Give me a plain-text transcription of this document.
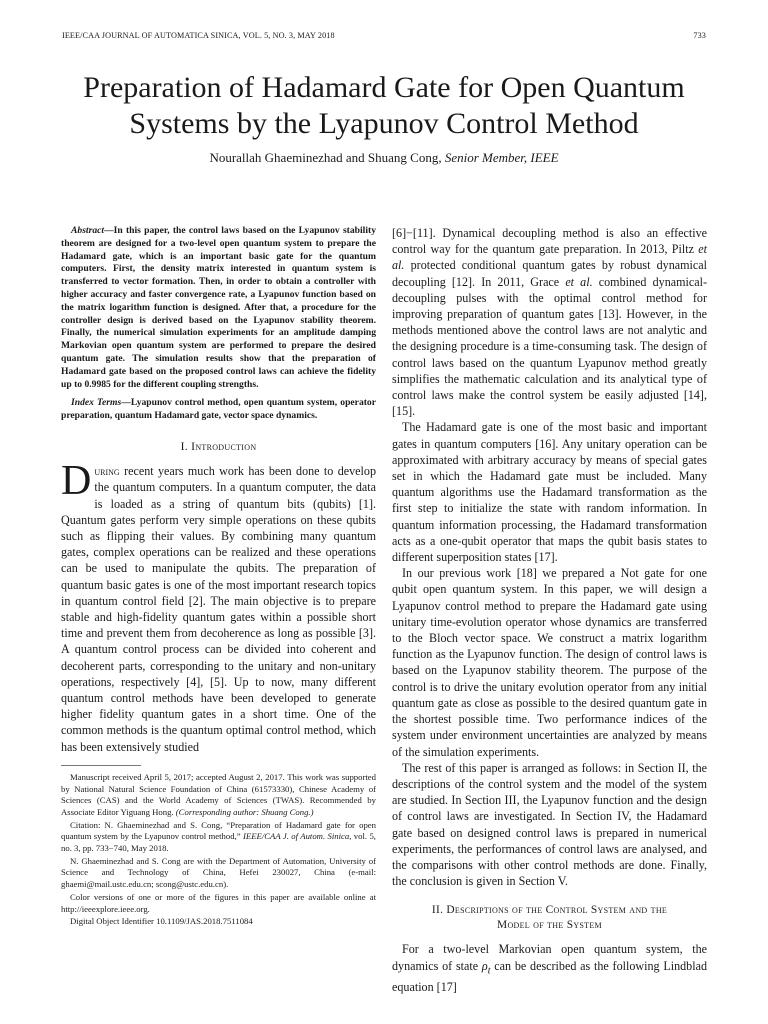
IEEE/CAA JOURNAL OF AUTOMATICA SINICA, VOL. 5, NO. 3, MAY 2018	733
Preparation of Hadamard Gate for Open Quantum Systems by the Lyapunov Control Method
Nourallah Ghaeminezhad and Shuang Cong, Senior Member, IEEE

Abstract—In this paper, the control laws based on the Lyapunov stability theorem are designed for a two-level open quantum system to prepare the Hadamard gate, which is an important basic gate for the quantum computers. First, the density matrix interested in quantum system is transferred to vector formation. Then, in order to obtain a controller with higher accuracy and faster convergence rate, a Lyapunov function based on the matrix logarithm function is designed. After that, a procedure for the controller design is derived based on the Lyapunov stability theorem. Finally, the numerical simulation experiments for an amplitude damping Markovian open quantum system are performed to prepare the desired quantum gate. The simulation results show that the preparation of Hadamard gate based on the proposed control laws can achieve the fidelity up to 0.9985 for the different coupling strengths.

Index Terms—Lyapunov control method, open quantum system, operator preparation, quantum Hadamard gate, vector space dynamics.

I. Introduction

During recent years much work has been done to develop the quantum computers. In a quantum computer, the data is loaded as a string of quantum bits (qubits) [1]. Quantum gates perform very simple operations on these qubits such as flipping their values. By combining many quantum gates, complex operations can be realized and these operations can be used to manipulate the qubits. The preparation of quantum basic gates is one of the most important research topics in quantum control field [2]. The main objective is to prepare stable and high-fidelity quantum gates within a possible short time and prevent them from decoherence as long as possible [3]. A quantum control process can be divided into coherent and decoherent parts, corresponding to the unitary and non-unitary operations, respectively [4], [5]. Up to now, many different quantum control methods have been developed to generate higher fidelity quantum gates in a short time. One of the common methods is the quantum optimal control method, which has been extensively studied

Manuscript received April 5, 2017; accepted August 2, 2017. This work was supported by National Natural Science Foundation of China (61573330), Chinese Academy of Sciences (CAS) and the World Academy of Sciences (TWAS). Recommended by Associate Editor Yiguang Hong. (Corresponding author: Shuang Cong.)

Citation: N. Ghaeminezhad and S. Cong, “Preparation of Hadamard gate for open quantum system by the Lyapunov control method,” IEEE/CAA J. of Autom. Sinica, vol. 5, no. 3, pp. 733−740, May 2018.

N. Ghaeminezhad and S. Cong are with the Department of Automation, University of Science and Technology of China, Hefei 230027, China (e-mail: ghaemi@mail.ustc.edu.cn; scong@ustc.edu.cn).

Color versions of one or more of the figures in this paper are available online at http://ieeexplore.ieee.org.

Digital Object Identifier 10.1109/JAS.2018.7511084

[6]−[11]. Dynamical decoupling method is also an effective control way for the quantum gate preparation. In 2013, Piltz et al. protected conditional quantum gates by robust dynamical decoupling [12]. In 2011, Grace et al. combined dynamical-decoupling pulses with the optimal control method for improving preparation of quantum gates [13]. However, in the methods mentioned above the control laws are not analytic and the designing procedure is a time-consuming task. The design of control laws based on the quantum Lyapunov method greatly simplifies the mathematic calculation and its analytical type of control laws make the control system be easily adjusted [14], [15].

The Hadamard gate is one of the most basic and important gates in quantum computers [16]. Any unitary operation can be approximated with arbitrary accuracy by means of special gates set in which the Hadamard gate must be included. Many quantum algorithms use the Hadamard transformation as the first step to initialize the state with random information. In quantum information processing, the Hadamard transformation acts as a one-qubit operator that maps the qubit basis states to different superposition states [17].

In our previous work [18] we prepared a Not gate for one qubit open quantum system. In this paper, we will design a Lyapunov control method to prepare the Hadamard gate using unitary time-evolution operator whose dynamics are transferred to the Bloch vector space. We construct a matrix logarithm function as the Lyapunov function. The design of control laws is based on the Lyapunov stability theorem. The purpose of the control is to drive the unitary evolution operator from any initial quantum gate as close as possible to the desired quantum gate in the shortest possible time. Two performance indices of the system under environment uncertainties are analyzed by means of the simulation experiments.

The rest of this paper is arranged as follows: in Section II, the descriptions of the control system and the model of the system are studied. In Section III, the Lyapunov function and the design of control laws are investigated. In Section IV, the Hadamard gate based on designed control laws is prepared in numerical experiments, the performances of control laws are analysed, and the comparisons with other control methods are done. Finally, the conclusion is given in Section V.

II. Descriptions of the Control System and the
Model of the System

For a two-level Markovian open quantum system, the dynamics of state $\rho_t$ can be described as the following Lindblad equation [17]
